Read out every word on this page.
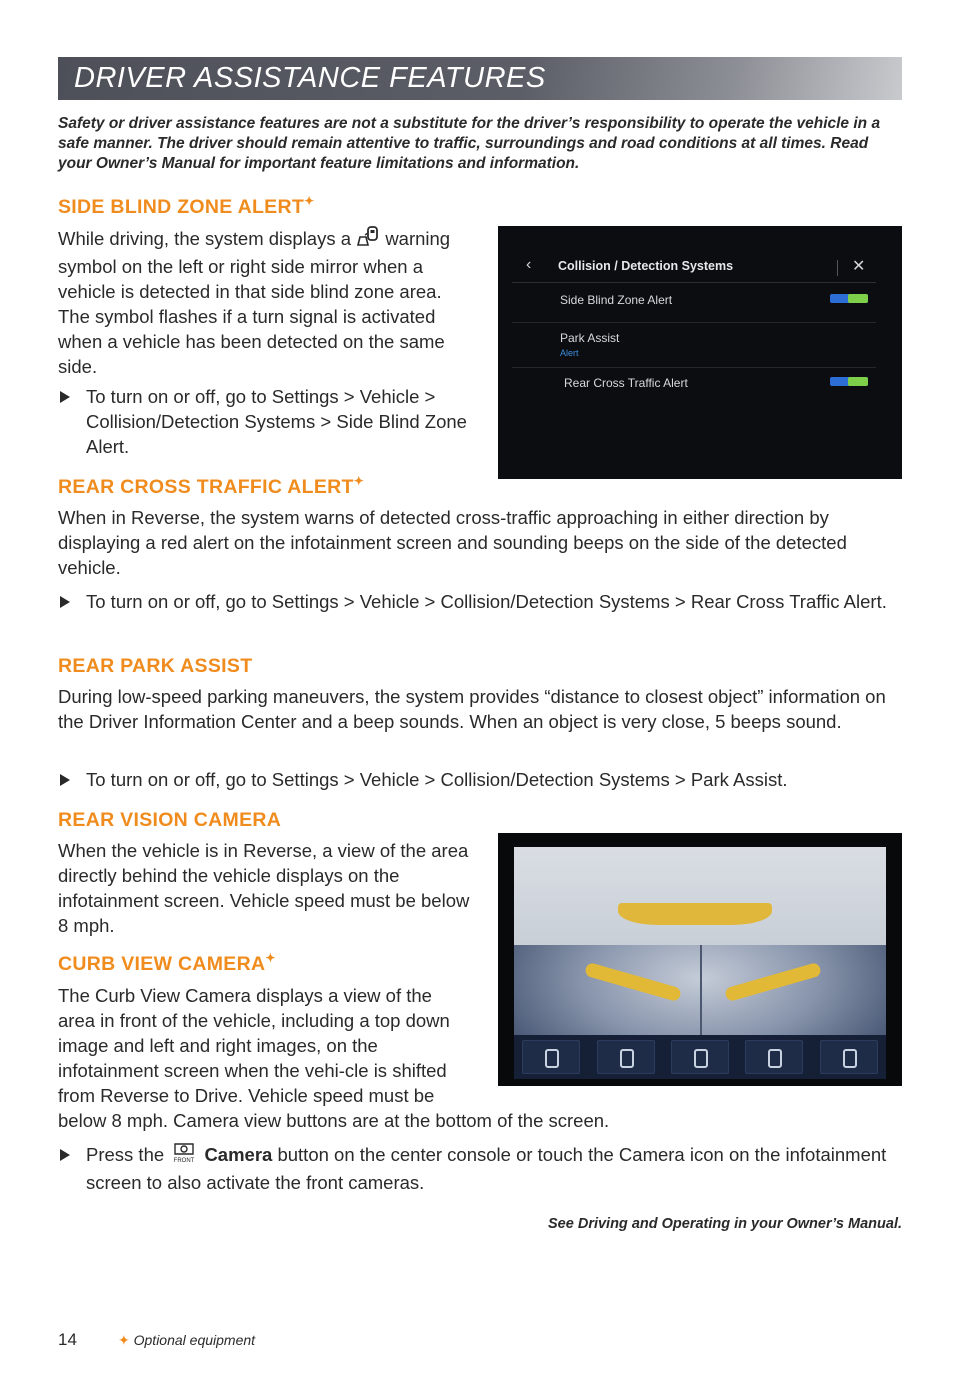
DRIVER ASSISTANCE FEATURES
Safety or driver assistance features are not a substitute for the driver’s responsibility to operate the vehicle in a safe manner. The driver should remain attentive to traffic, surroundings and road conditions at all times. Read your Owner’s Manual for important feature limitations and information.
SIDE BLIND ZONE ALERT✦
While driving, the system displays a warning symbol on the left or right side mirror when a vehicle is detected in that side blind zone area. The symbol flashes if a turn signal is activated when a vehicle has been detected on the same side.
To turn on or off, go to Settings > Vehicle > Collision/Detection Systems > Side Blind Zone Alert.
‹ Collision / Detection Systems	✕
Side Blind Zone Alert
Park Assist
Alert
Rear Cross Traffic Alert
REAR CROSS TRAFFIC ALERT✦
When in Reverse, the system warns of detected cross-traffic approaching in either direction by displaying a red alert on the infotainment screen and sounding beeps on the side of the detected vehicle.
To turn on or off, go to Settings > Vehicle > Collision/Detection Systems > Rear Cross Traffic Alert.
REAR PARK ASSIST
During low-speed parking maneuvers, the system provides “distance to closest object” information on the Driver Information Center and a beep sounds. When an object is very close, 5 beeps sound.
To turn on or off, go to Settings > Vehicle > Collision/Detection Systems > Park Assist.
REAR VISION CAMERA
When the vehicle is in Reverse, a view of the area directly behind the vehicle displays on the infotainment screen. Vehicle speed must be below 8 mph.
CURB VIEW CAMERA✦
The Curb View Camera displays a view of the area in front of the vehicle, including a top down image and left and right images, on the infotainment screen when the vehi-cle is shifted from Reverse to Drive. Vehicle speed must be below 8 mph. Camera view buttons are at the bottom of the screen.
Press the FRONT Camera button on the center console or touch the Camera icon on the infotainment screen to also activate the front cameras.
See Driving and Operating in your Owner’s Manual.
14	✦ Optional equipment
